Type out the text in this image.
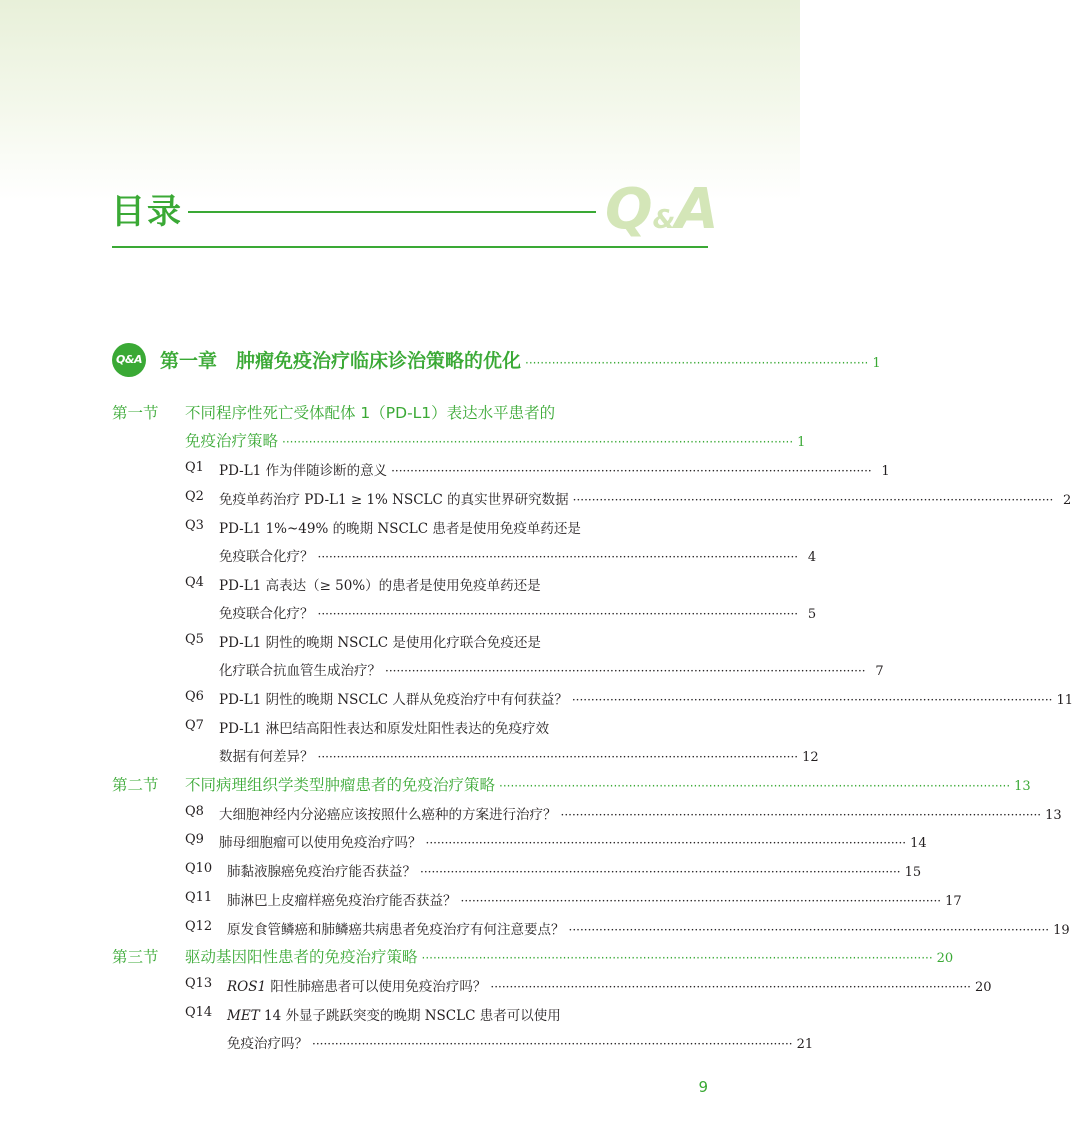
目录	Q&A
Q&A 第一章　肿瘤免疫治疗临床诊治策略的优化 ·························································································· 1
第一节 不同程序性死亡受体配体 1（PD-L1）表达水平患者的
免疫治疗策略 ······································································································································ 1
Q1 PD-L1 作为伴随诊断的意义 ······························································································································ 1
Q2 免疫单药治疗 PD-L1 ≥ 1% NSCLC 的真实世界研究数据 ······························································································································ 2
Q3 PD-L1 1%~49% 的晚期 NSCLC 患者是使用免疫单药还是
免疫联合化疗？ ······························································································································ 4
Q4 PD-L1 高表达（≥ 50%）的患者是使用免疫单药还是
免疫联合化疗？ ······························································································································ 5
Q5 PD-L1 阴性的晚期 NSCLC 是使用化疗联合免疫还是
化疗联合抗血管生成治疗？ ······························································································································ 7
Q6 PD-L1 阴性的晚期 NSCLC 人群从免疫治疗中有何获益？ ······························································································································ 11
Q7 PD-L1 淋巴结高阳性表达和原发灶阳性表达的免疫疗效
数据有何差异？ ······························································································································ 12
第二节 不同病理组织学类型肿瘤患者的免疫治疗策略 ······································································································································ 13
Q8 大细胞神经内分泌癌应该按照什么癌种的方案进行治疗？ ······························································································································ 13
Q9 肺母细胞瘤可以使用免疫治疗吗？ ······························································································································ 14
Q10 肺黏液腺癌免疫治疗能否获益？ ······························································································································ 15
Q11 肺淋巴上皮瘤样癌免疫治疗能否获益？ ······························································································································ 17
Q12 原发食管鳞癌和肺鳞癌共病患者免疫治疗有何注意要点？ ······························································································································ 19
第三节 驱动基因阳性患者的免疫治疗策略 ······································································································································ 20
Q13 ROS1 阳性肺癌患者可以使用免疫治疗吗？ ······························································································································ 20
Q14 MET 14 外显子跳跃突变的晚期 NSCLC 患者可以使用
免疫治疗吗？ ······························································································································ 21
9
